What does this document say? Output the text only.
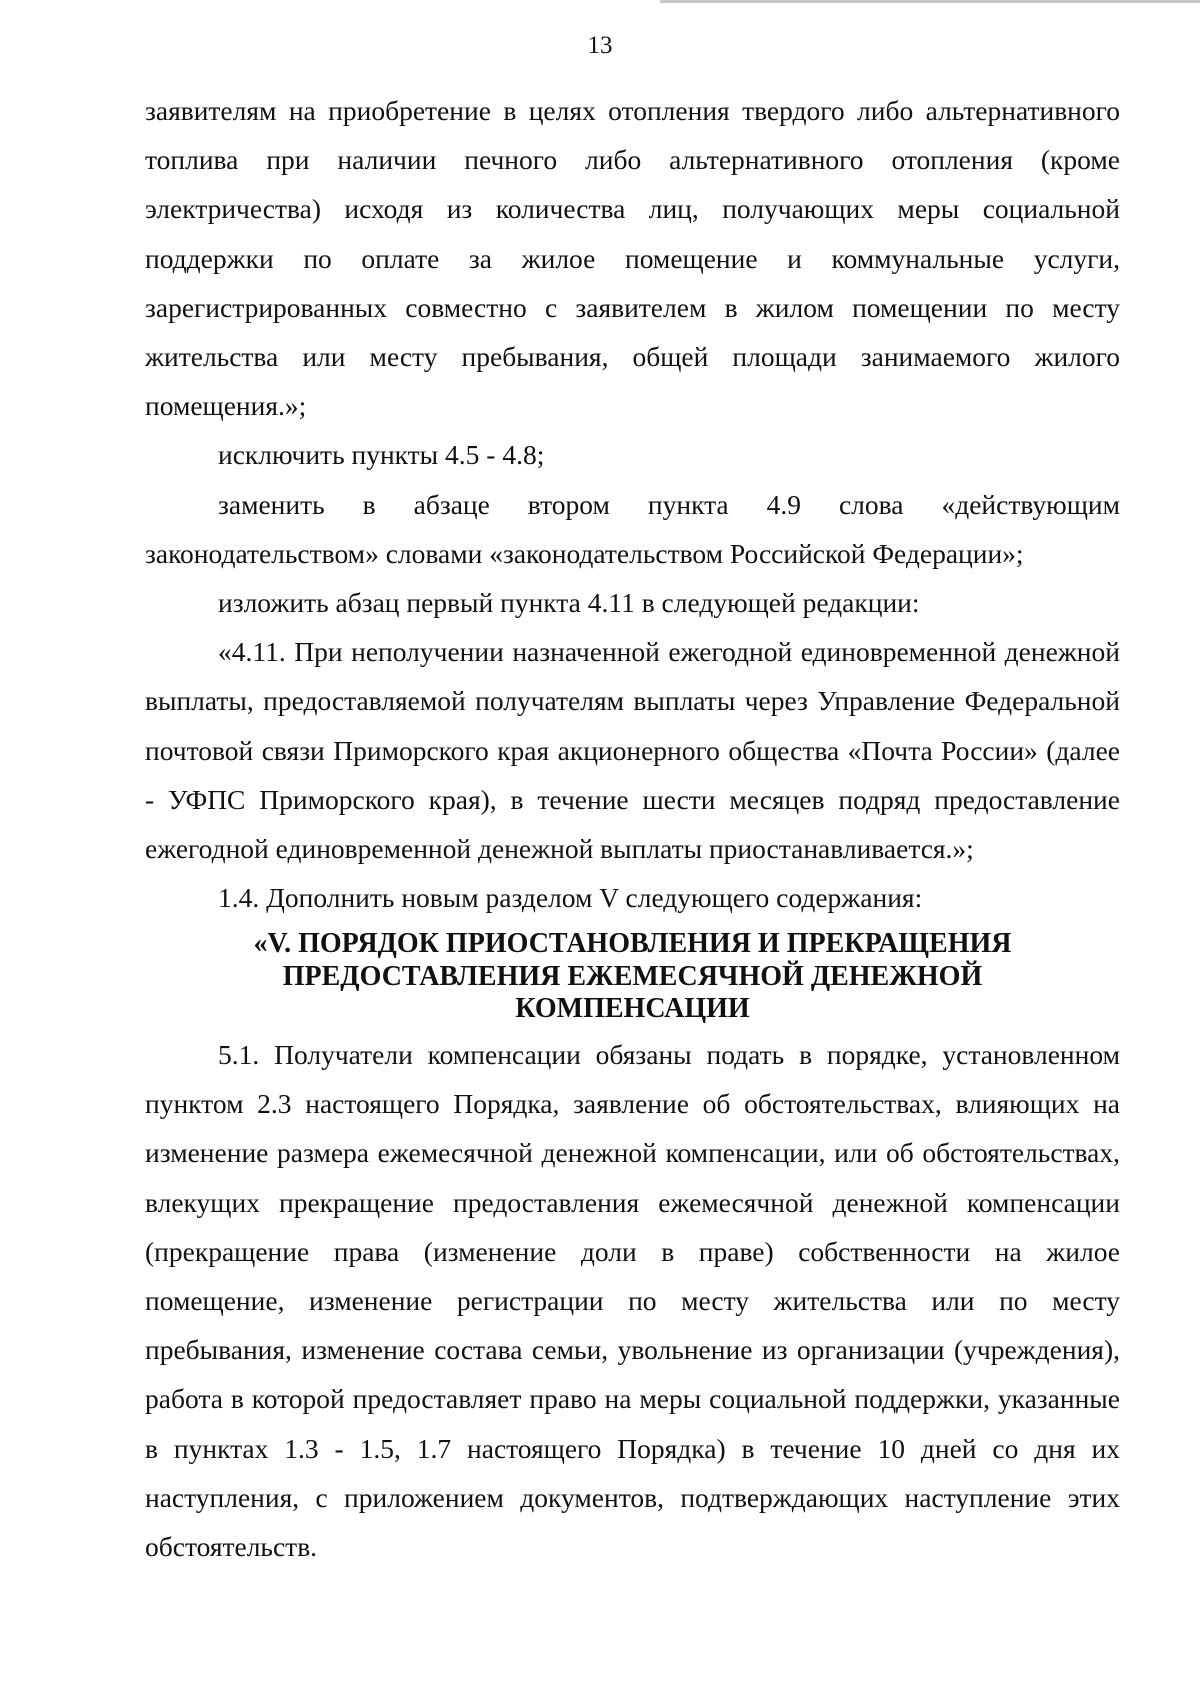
13

заявителям на приобретение в целях отопления твердого либо альтернативного топлива при наличии печного либо альтернативного отопления (кроме электричества) исходя из количества лиц, получающих меры социальной поддержки по оплате за жилое помещение и коммунальные услуги, зарегистрированных совместно с заявителем в жилом помещении по месту жительства или месту пребывания, общей площади занимаемого жилого помещения.»;

исключить пункты 4.5 - 4.8;

заменить в абзаце втором пункта 4.9 слова «действующим законодательством» словами «законодательством Российской Федерации»;

изложить абзац первый пункта 4.11 в следующей редакции:

«4.11. При неполучении назначенной ежегодной единовременной денежной выплаты, предоставляемой получателям выплаты через Управление Федеральной почтовой связи Приморского края акционерного общества «Почта России» (далее - УФПС Приморского края), в течение шести месяцев подряд предоставление ежегодной единовременной денежной выплаты приостанавливается.»;

1.4. Дополнить новым разделом V следующего содержания:

«V. ПОРЯДОК ПРИОСТАНОВЛЕНИЯ И ПРЕКРАЩЕНИЯ
ПРЕДОСТАВЛЕНИЯ ЕЖЕМЕСЯЧНОЙ ДЕНЕЖНОЙ
КОМПЕНСАЦИИ

5.1. Получатели компенсации обязаны подать в порядке, установленном пунктом 2.3 настоящего Порядка, заявление об обстоятельствах, влияющих на изменение размера ежемесячной денежной компенсации, или об обстоятельствах, влекущих прекращение предоставления ежемесячной денежной компенсации (прекращение права (изменение доли в праве) собственности на жилое помещение, изменение регистрации по месту жительства или по месту пребывания, изменение состава семьи, увольнение из организации (учреждения), работа в которой предоставляет право на меры социальной поддержки, указанные в пунктах 1.3 - 1.5, 1.7 настоящего Порядка) в течение 10 дней со дня их наступления, с приложением документов, подтверждающих наступление этих обстоятельств.
